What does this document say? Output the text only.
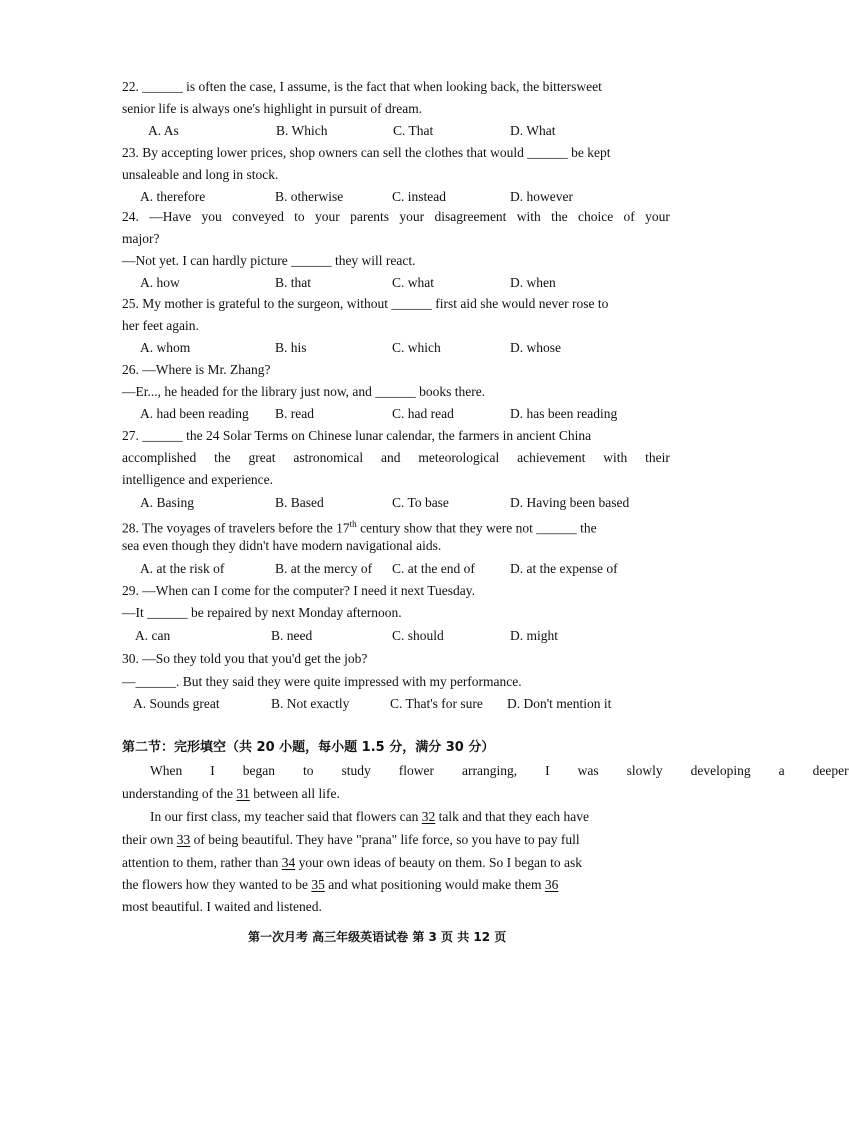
22. ______ is often the case, I assume, is the fact that when looking back, the bittersweet
senior life is always one's highlight in pursuit of dream.
A. As	B. Which	C. That	D. What
23. By accepting lower prices, shop owners can sell the clothes that would ______ be kept
unsaleable and long in stock.
A. therefore	B. otherwise	C. instead	D. however
24. —Have you conveyed to your parents your disagreement with the choice of your
major?
—Not yet. I can hardly picture ______ they will react.
A. how	B. that	C. what	D. when
25. My mother is grateful to the surgeon, without ______ first aid she would never rose to
her feet again.
A. whom	B. his	C. which	D. whose
26. —Where is Mr. Zhang?
—Er..., he headed for the library just now, and ______ books there.
A. had been reading B. read	C. had read	D. has been reading
27. ______ the 24 Solar Terms on Chinese lunar calendar, the farmers in ancient China
accomplished the great astronomical and meteorological achievement with their
intelligence and experience.
A. Basing	B. Based	C. To base	D. Having been based
28. The voyages of travelers before the 17th century show that they were not ______ the
sea even though they didn't have modern navigational aids.
A. at the risk of	B. at the mercy of C. at the end of	D. at the expense of
29. —When can I come for the computer? I need it next Tuesday.
—It ______ be repaired by next Monday afternoon.
A. can	B. need	C. should	D. might
30. —So they told you that you'd get the job?
—______. But they said they were quite impressed with my performance.
A. Sounds great	B. Not exactly	C. That's for sure D. Don't mention it
第二节：完形填空（共 20 小题，每小题 1.5 分，满分 30 分）
When	I	began	to	study	flower	arranging,	I	was	slowly	developing	a	deeper
understanding of the 31 between all life.
In our first class, my teacher said that flowers can 32 talk and that they each have
their own 33 of being beautiful. They have "prana" life force, so you have to pay full
attention to them, rather than 34 your own ideas of beauty on them. So I began to ask
the flowers how they wanted to be 35 and what positioning would make them 36
most beautiful. I waited and listened.
第一次月考 高三年级英语试卷 第 3 页 共 12 页
